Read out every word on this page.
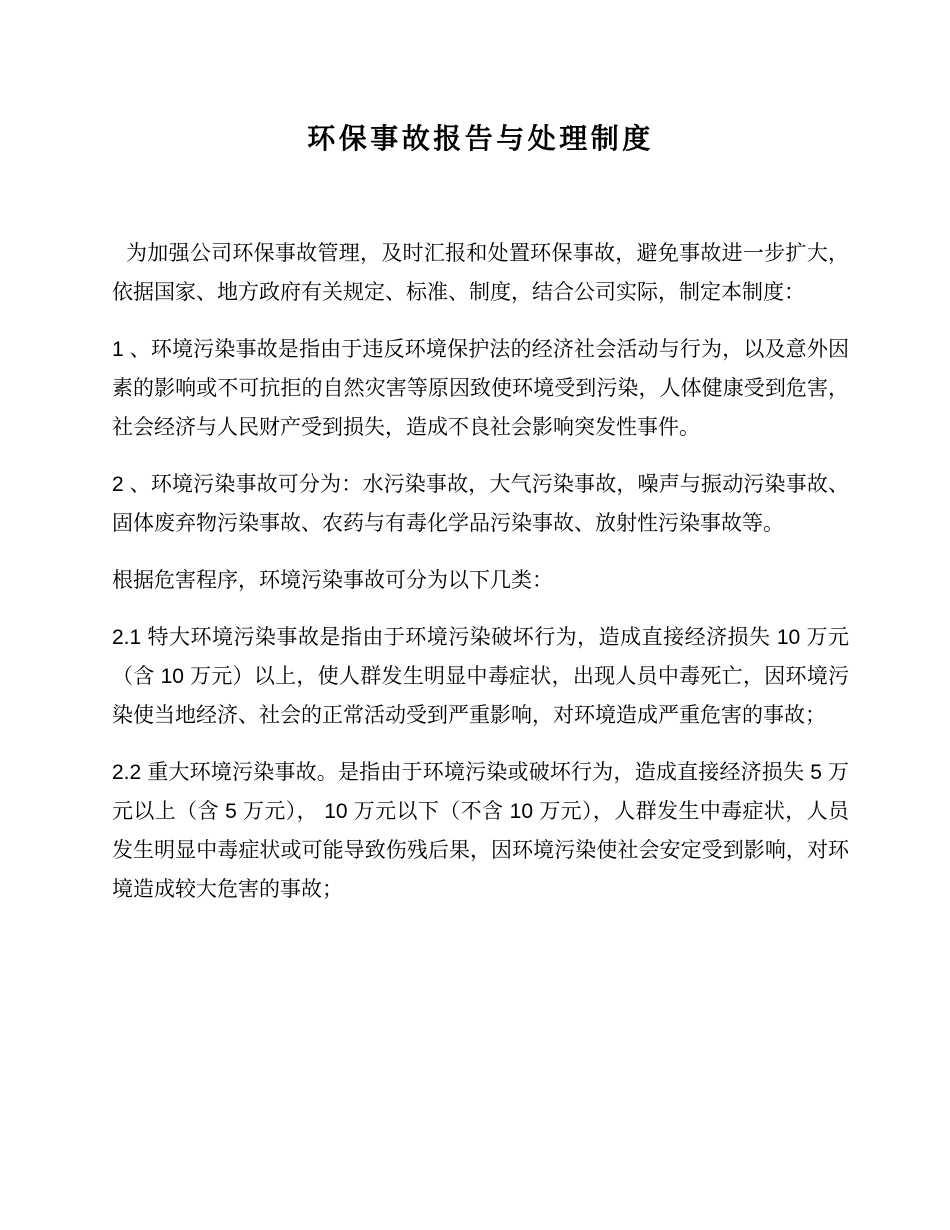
环保事故报告与处理制度

为加强公司环保事故管理，及时汇报和处置环保事故，避免事故进一步扩大，依据国家、地方政府有关规定、标准、制度，结合公司实际，制定本制度：

1 、环境污染事故是指由于违反环境保护法的经济社会活动与行为，以及意外因素的影响或不可抗拒的自然灾害等原因致使环境受到污染，人体健康受到危害，社会经济与人民财产受到损失，造成不良社会影响突发性事件。

2 、环境污染事故可分为：水污染事故，大气污染事故，噪声与振动污染事故、固体废弃物污染事故、农药与有毒化学品污染事故、放射性污染事故等。

根据危害程序，环境污染事故可分为以下几类：

2.1 特大环境污染事故是指由于环境污染破坏行为，造成直接经济损失 10 万元（含 10 万元）以上，使人群发生明显中毒症状，出现人员中毒死亡，因环境污染使当地经济、社会的正常活动受到严重影响，对环境造成严重危害的事故；

2.2 重大环境污染事故。是指由于环境污染或破坏行为，造成直接经济损失 5 万元以上（含 5 万元）， 10 万元以下（不含 10 万元），人群发生中毒症状，人员发生明显中毒症状或可能导致伤残后果，因环境污染使社会安定受到影响，对环境造成较大危害的事故；
